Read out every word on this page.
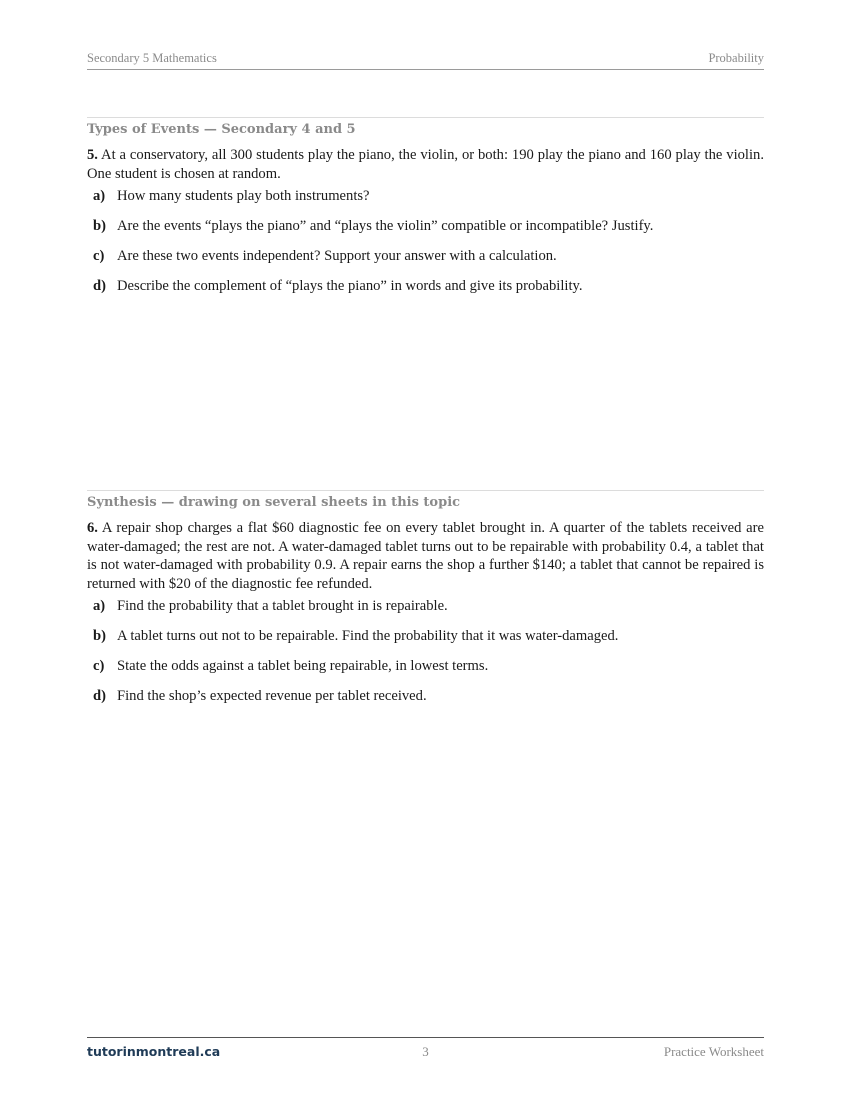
Secondary 5 Mathematics	Probability
Types of Events — Secondary 4 and 5
5. At a conservatory, all 300 students play the piano, the violin, or both: 190 play the piano and 160 play the violin. One student is chosen at random.
a) How many students play both instruments?
b) Are the events “plays the piano” and “plays the violin” compatible or incompatible? Justify.
c) Are these two events independent? Support your answer with a calculation.
d) Describe the complement of “plays the piano” in words and give its probability.
Synthesis — drawing on several sheets in this topic
6. A repair shop charges a flat $60 diagnostic fee on every tablet brought in. A quarter of the tablets received are water-damaged; the rest are not. A water-damaged tablet turns out to be repairable with probability 0.4, a tablet that is not water-damaged with probability 0.9. A repair earns the shop a further $140; a tablet that cannot be repaired is returned with $20 of the diagnostic fee refunded.
a) Find the probability that a tablet brought in is repairable.
b) A tablet turns out not to be repairable. Find the probability that it was water-damaged.
c) State the odds against a tablet being repairable, in lowest terms.
d) Find the shop’s expected revenue per tablet received.
tutorinmontreal.ca	3	Practice Worksheet
